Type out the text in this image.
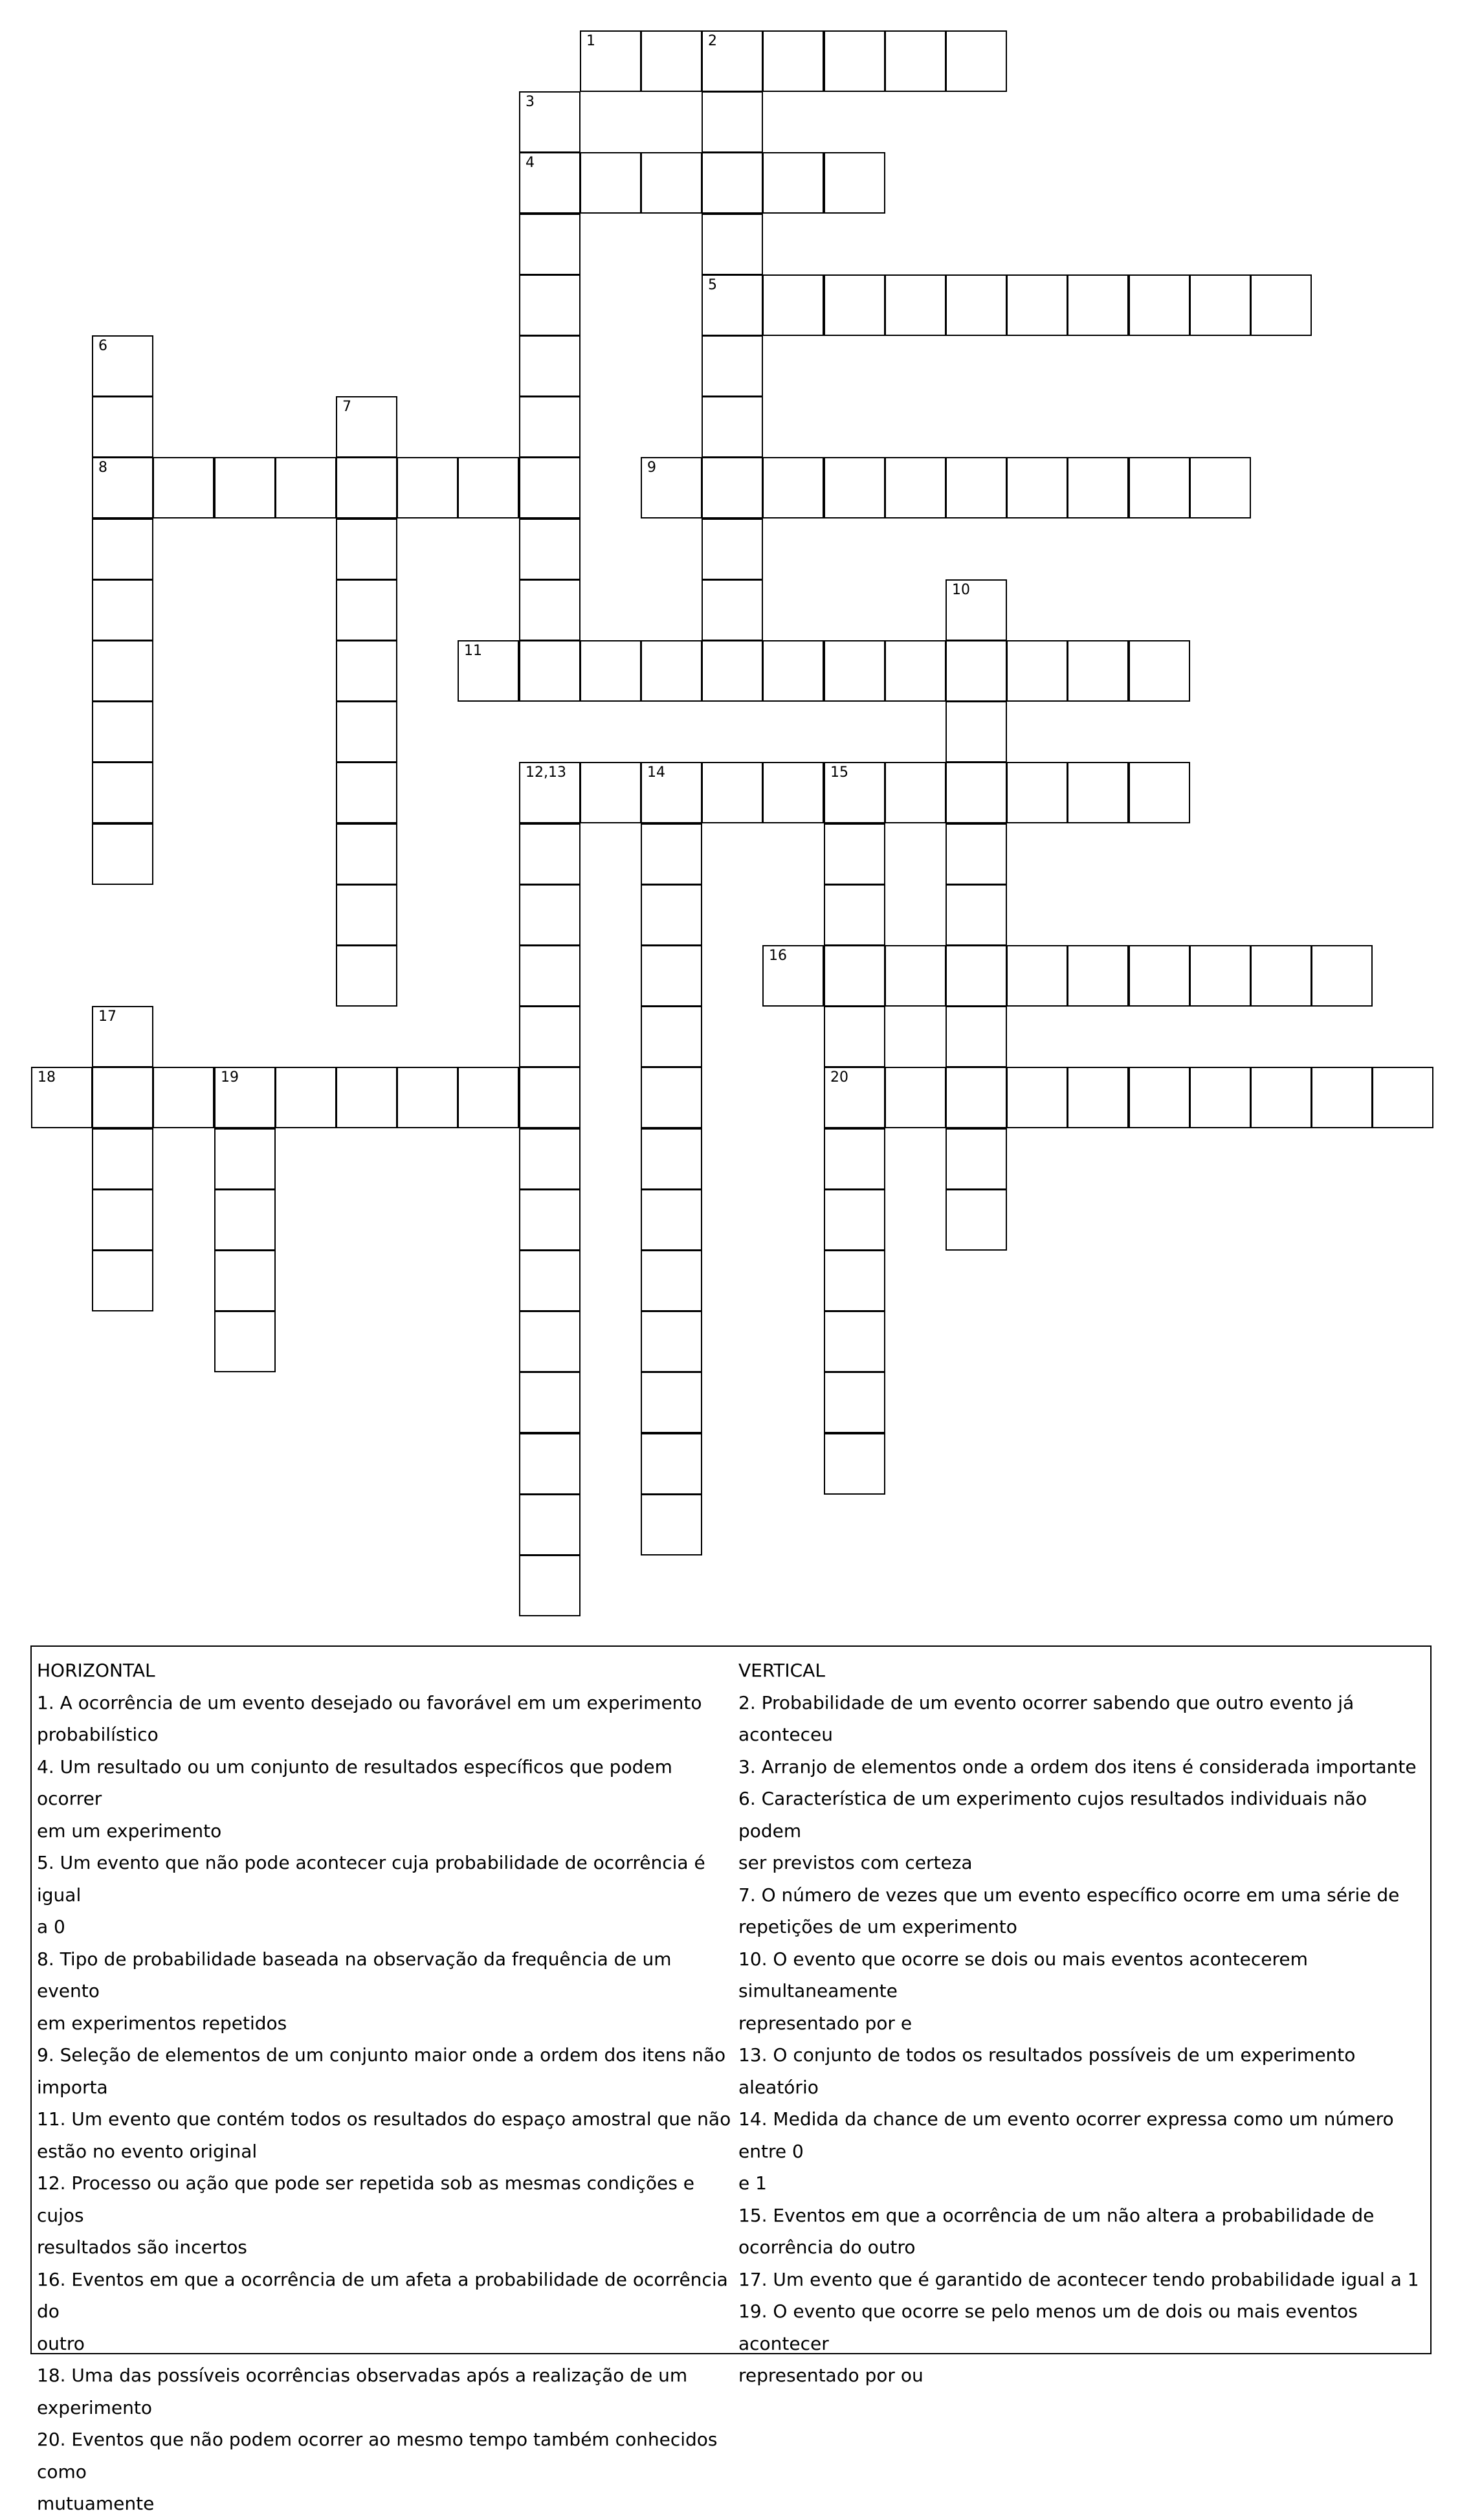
1	2
5
3
4
6
8
7
9
10
11
12,13	14	15
20
16
17
18	19
HORIZONTAL
1. A ocorrência de um evento desejado ou favorável em um experimento
probabilístico
4. Um resultado ou um conjunto de resultados específicos que podem ocorrer
em um experimento
5. Um evento que não pode acontecer cuja probabilidade de ocorrência é igual
a 0
8. Tipo de probabilidade baseada na observação da frequência de um evento
em experimentos repetidos
9. Seleção de elementos de um conjunto maior onde a ordem dos itens não
importa
11. Um evento que contém todos os resultados do espaço amostral que não
estão no evento original
12. Processo ou ação que pode ser repetida sob as mesmas condições e cujos
resultados são incertos
16. Eventos em que a ocorrência de um afeta a probabilidade de ocorrência do
outro
18. Uma das possíveis ocorrências observadas após a realização de um
experimento
20. Eventos que não podem ocorrer ao mesmo tempo também conhecidos como
mutuamente
VERTICAL
2. Probabilidade de um evento ocorrer sabendo que outro evento já aconteceu
3. Arranjo de elementos onde a ordem dos itens é considerada importante
6. Característica de um experimento cujos resultados individuais não podem
ser previstos com certeza
7. O número de vezes que um evento específico ocorre em uma série de
repetições de um experimento
10. O evento que ocorre se dois ou mais eventos acontecerem simultaneamente
representado por e
13. O conjunto de todos os resultados possíveis de um experimento aleatório
14. Medida da chance de um evento ocorrer expressa como um número entre 0
e 1
15. Eventos em que a ocorrência de um não altera a probabilidade de
ocorrência do outro
17. Um evento que é garantido de acontecer tendo probabilidade igual a 1
19. O evento que ocorre se pelo menos um de dois ou mais eventos acontecer
representado por ou
